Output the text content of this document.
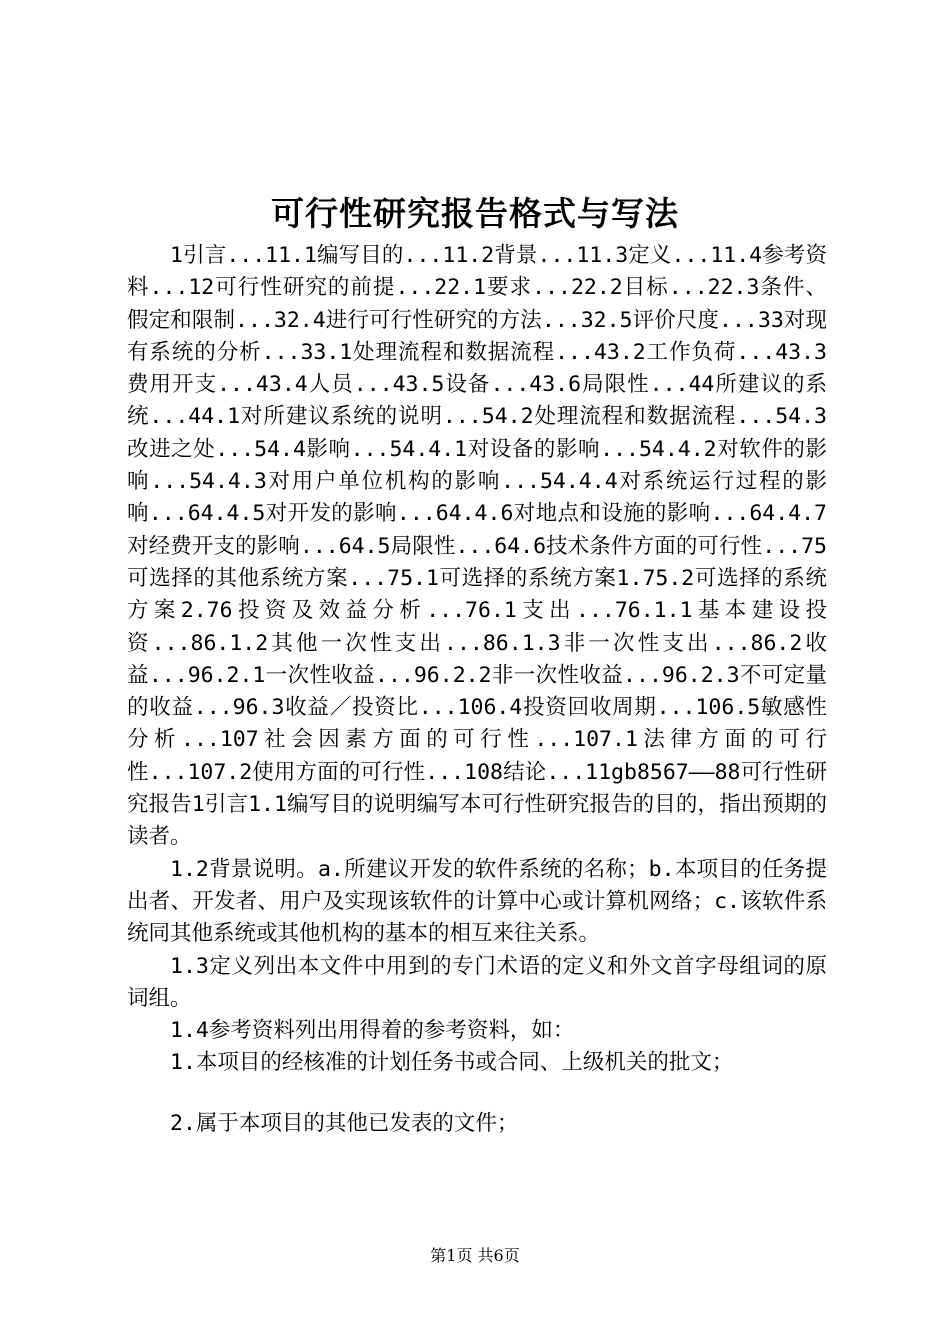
可行性研究报告格式与写法

1引言...11.1编写目的...11.2背景...11.3定义...11.4参考资料...12可行性研究的前提...22.1要求...22.2目标...22.3条件、假定和限制...32.4进行可行性研究的方法...32.5评价尺度...33对现有系统的分析...33.1处理流程和数据流程...43.2工作负荷...43.3费用开支...43.4人员...43.5设备...43.6局限性...44所建议的系统...44.1对所建议系统的说明...54.2处理流程和数据流程...54.3改进之处...54.4影响...54.4.1对设备的影响...54.4.2对软件的影响...54.4.3对用户单位机构的影响...54.4.4对系统运行过程的影响...64.4.5对开发的影响...64.4.6对地点和设施的影响...64.4.7对经费开支的影响...64.5局限性...64.6技术条件方面的可行性...75可选择的其他系统方案...75.1可选择的系统方案1.75.2可选择的系统方案2.76投资及效益分析...76.1支出...76.1.1基本建设投资...86.1.2其他一次性支出...86.1.3非一次性支出...86.2收益...96.2.1一次性收益...96.2.2非一次性收益...96.2.3不可定量的收益...96.3收益／投资比...106.4投资回收周期...106.5敏感性分析...107社会因素方面的可行性...107.1法律方面的可行性...107.2使用方面的可行性...108结论...11gb8567——88可行性研究报告1引言1.1编写目的说明编写本可行性研究报告的目的，指出预期的读者。

1.2背景说明。a.所建议开发的软件系统的名称；b.本项目的任务提出者、开发者、用户及实现该软件的计算中心或计算机网络；c.该软件系统同其他系统或其他机构的基本的相互来往关系。

1.3定义列出本文件中用到的专门术语的定义和外文首字母组词的原词组。

1.4参考资料列出用得着的参考资料，如：

1.本项目的经核准的计划任务书或合同、上级机关的批文；

2.属于本项目的其他已发表的文件；

第1页 共6页
